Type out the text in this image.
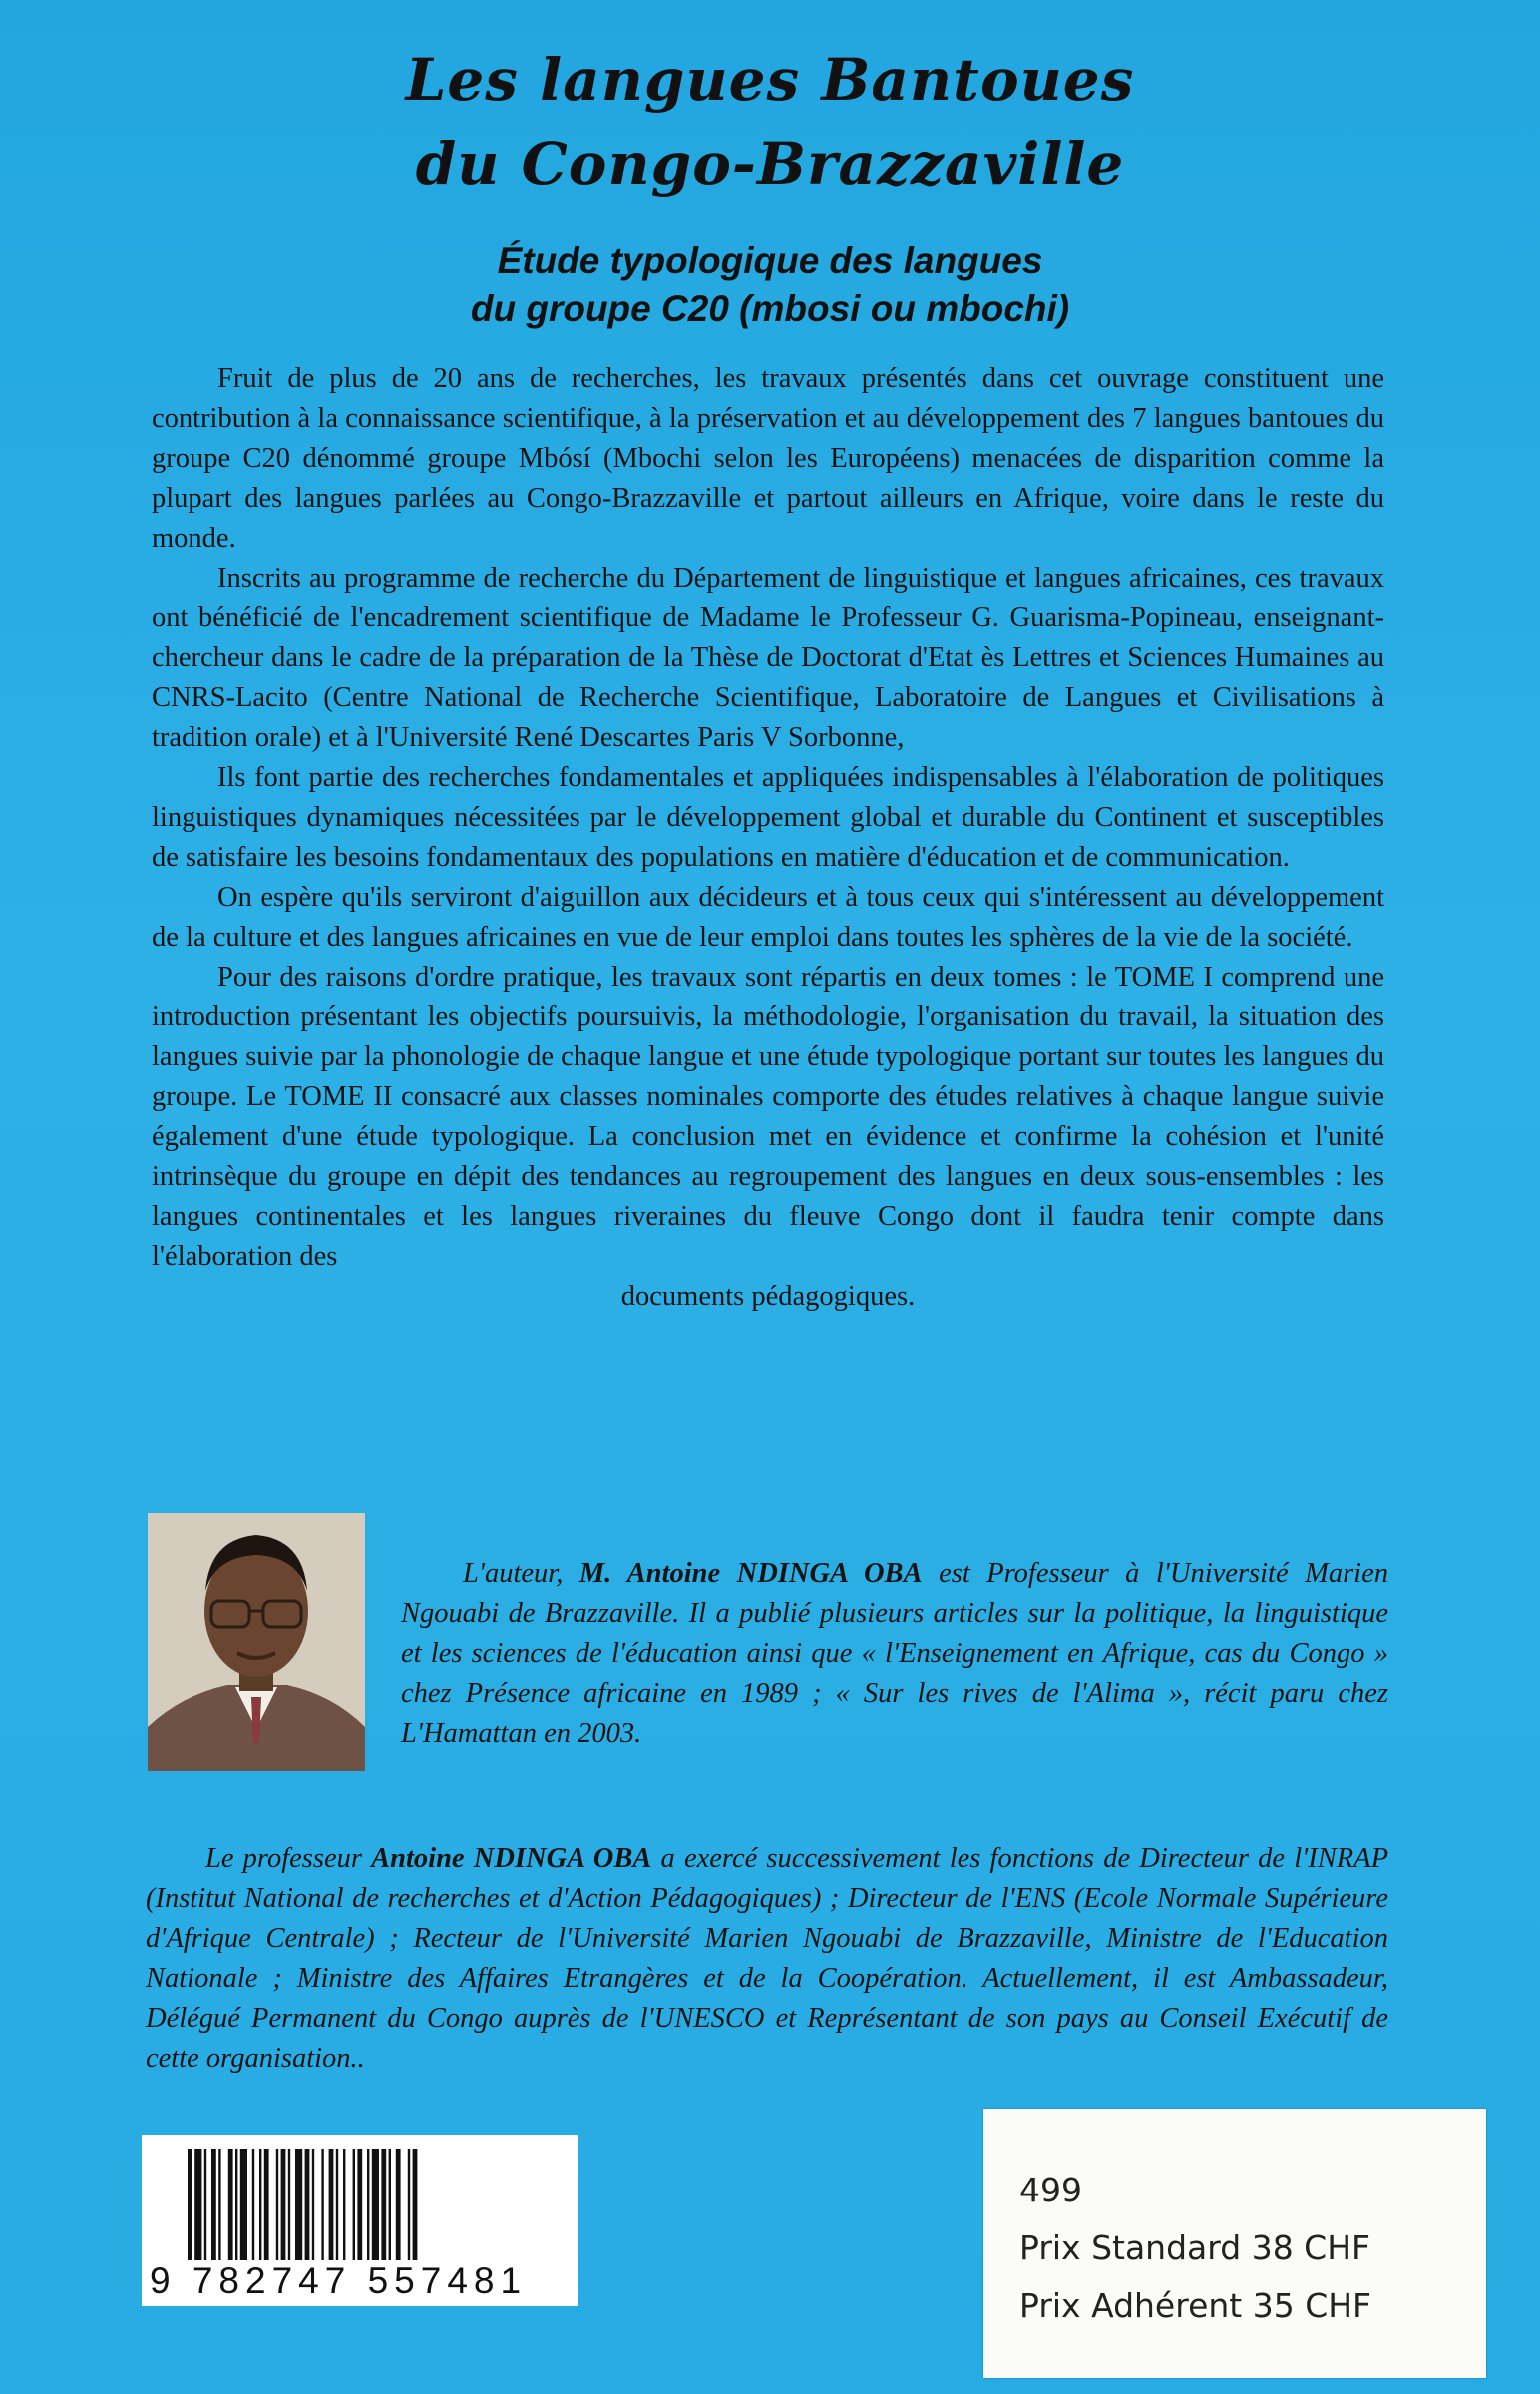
Les langues Bantoues
du Congo-Brazzaville
Étude typologique des langues
du groupe C20 (mbosi ou mbochi)

Fruit de plus de 20 ans de recherches, les travaux présentés dans cet ouvrage constituent une contribution à la connaissance scientifique, à la préservation et au développement des 7 langues bantoues du groupe C20 dénommé groupe Mbósí (Mbochi selon les Européens) menacées de disparition comme la plupart des langues parlées au Congo-Brazzaville et partout ailleurs en Afrique, voire dans le reste du monde.

Inscrits au programme de recherche du Département de linguistique et langues africaines, ces travaux ont bénéficié de l'encadrement scientifique de Madame le Professeur G. Guarisma-Popineau, enseignant-chercheur dans le cadre de la préparation de la Thèse de Doctorat d'Etat ès Lettres et Sciences Humaines au CNRS-Lacito (Centre National de Recherche Scientifique, Laboratoire de Langues et Civilisations à tradition orale) et à l'Université René Descartes Paris V Sorbonne,

Ils font partie des recherches fondamentales et appliquées indispensables à l'élaboration de politiques linguistiques dynamiques nécessitées par le développement global et durable du Continent et susceptibles de satisfaire les besoins fondamentaux des populations en matière d'éducation et de communication.

On espère qu'ils serviront d'aiguillon aux décideurs et à tous ceux qui s'intéressent au développement de la culture et des langues africaines en vue de leur emploi dans toutes les sphères de la vie de la société.

Pour des raisons d'ordre pratique, les travaux sont répartis en deux tomes : le TOME I comprend une introduction présentant les objectifs poursuivis, la méthodologie, l'organisation du travail, la situation des langues suivie par la phonologie de chaque langue et une étude typologique portant sur toutes les langues du groupe. Le TOME II consacré aux classes nominales comporte des études relatives à chaque langue suivie également d'une étude typologique. La conclusion met en évidence et confirme la cohésion et l'unité intrinsèque du groupe en dépit des tendances au regroupement des langues en deux sous-ensembles : les langues continentales et les langues riveraines du fleuve Congo dont il faudra tenir compte dans l'élaboration des

documents pédagogiques.

L'auteur, M. Antoine NDINGA OBA est Professeur à l'Université Marien Ngouabi de Brazzaville. Il a publié plusieurs articles sur la politique, la linguistique et les sciences de l'éducation ainsi que « l'Enseignement en Afrique, cas du Congo » chez Présence africaine en 1989 ; « Sur les rives de l'Alima », récit paru chez L'Hamattan en 2003.

Le professeur Antoine NDINGA OBA a exercé successivement les fonctions de Directeur de l'INRAP (Institut National de recherches et d'Action Pédagogiques) ; Directeur de l'ENS (Ecole Normale Supérieure d'Afrique Centrale) ; Recteur de l'Université Marien Ngouabi de Brazzaville, Ministre de l'Education Nationale ; Ministre des Affaires Etrangères et de la Coopération. Actuellement, il est Ambassadeur, Délégué Permanent du Congo auprès de l'UNESCO et Représentant de son pays au Conseil Exécutif de cette organisation..

9 782747 557481
499
Prix Standard 38 CHF
Prix Adhérent 35 CHF
